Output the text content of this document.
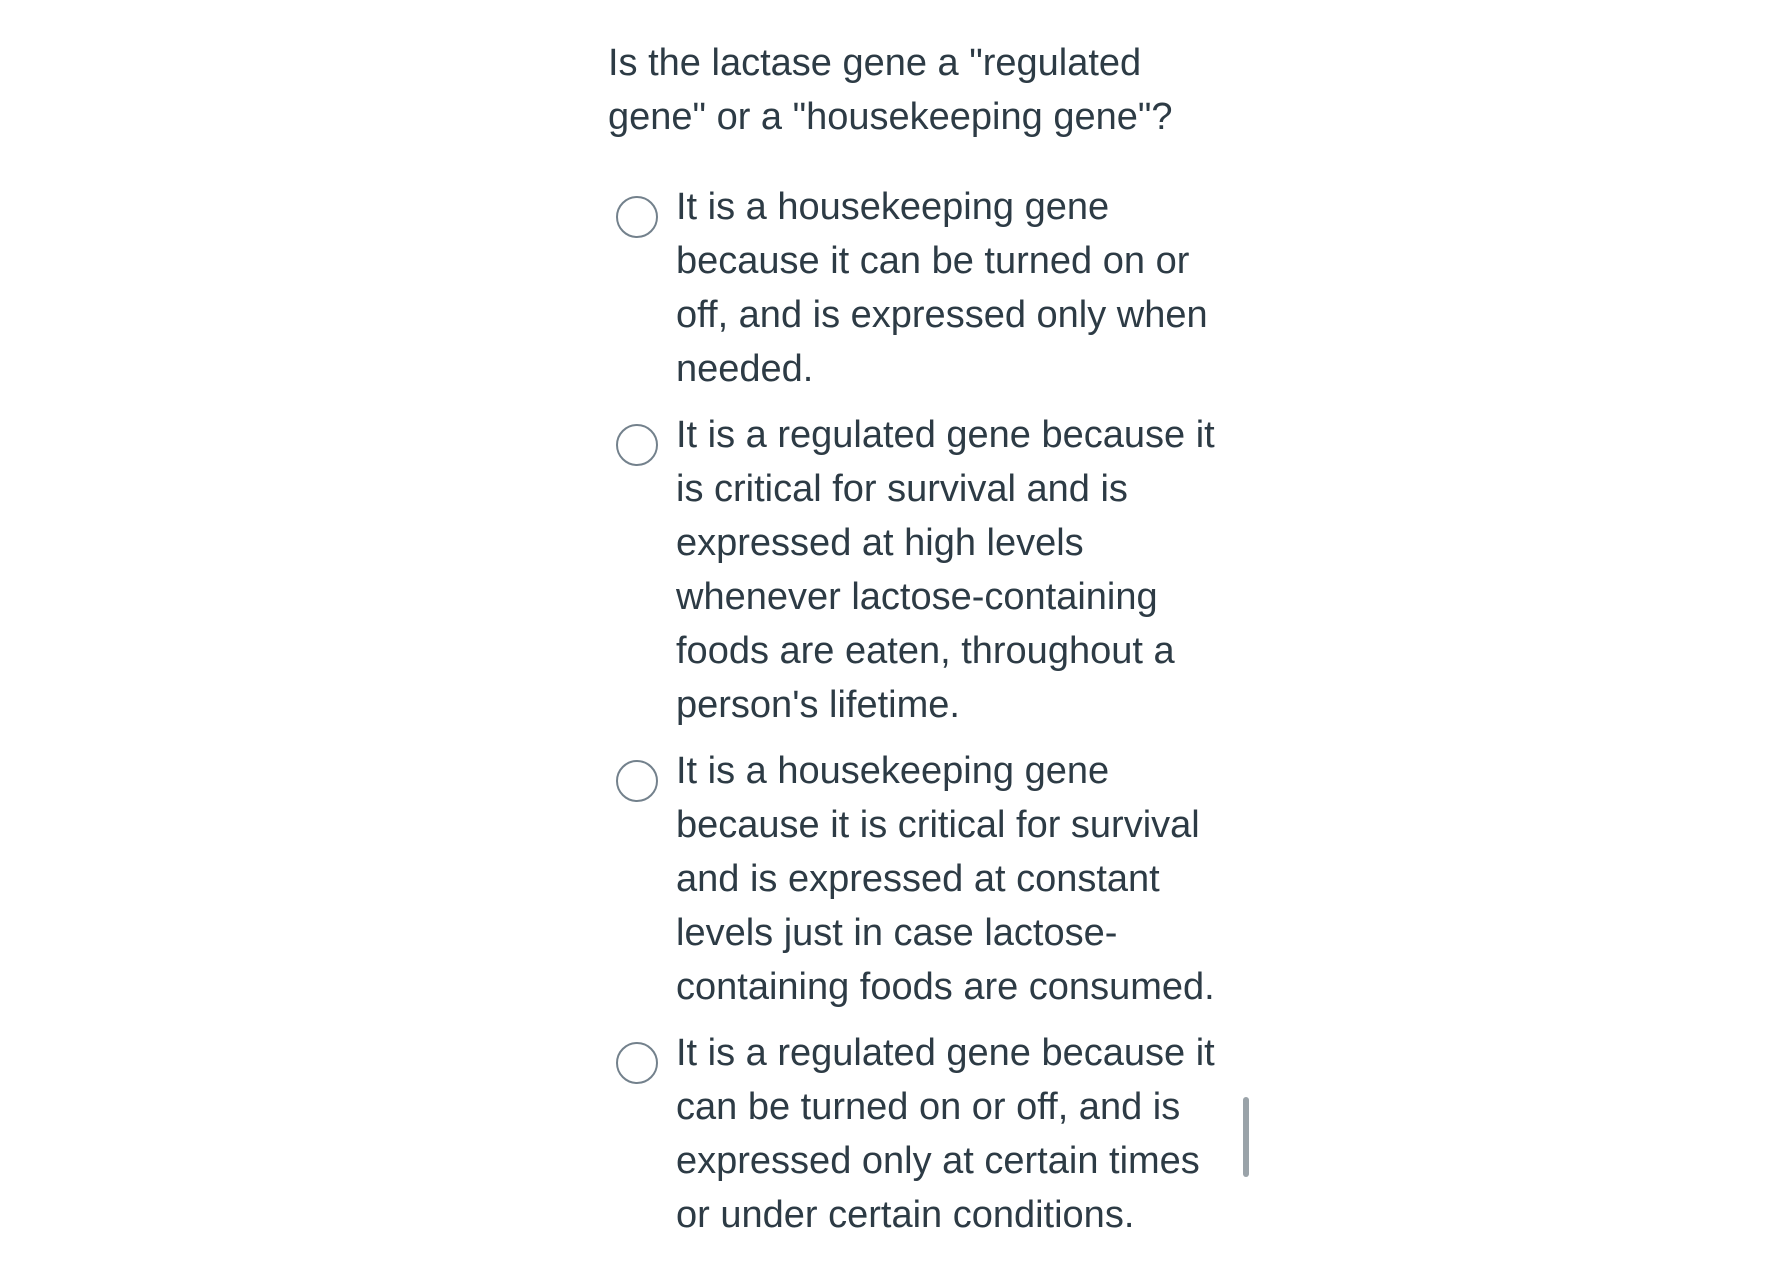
Is the lactase gene a "regulated gene" or a "housekeeping gene"?

It is a housekeeping gene because it can be turned on or off, and is expressed only when needed.
It is a regulated gene because it is critical for survival and is expressed at high levels whenever lactose-containing foods are eaten, throughout a person's lifetime.
It is a housekeeping gene because it is critical for survival and is expressed at constant levels just in case lactose-containing foods are consumed.
It is a regulated gene because it can be turned on or off, and is expressed only at certain times or under certain conditions.
